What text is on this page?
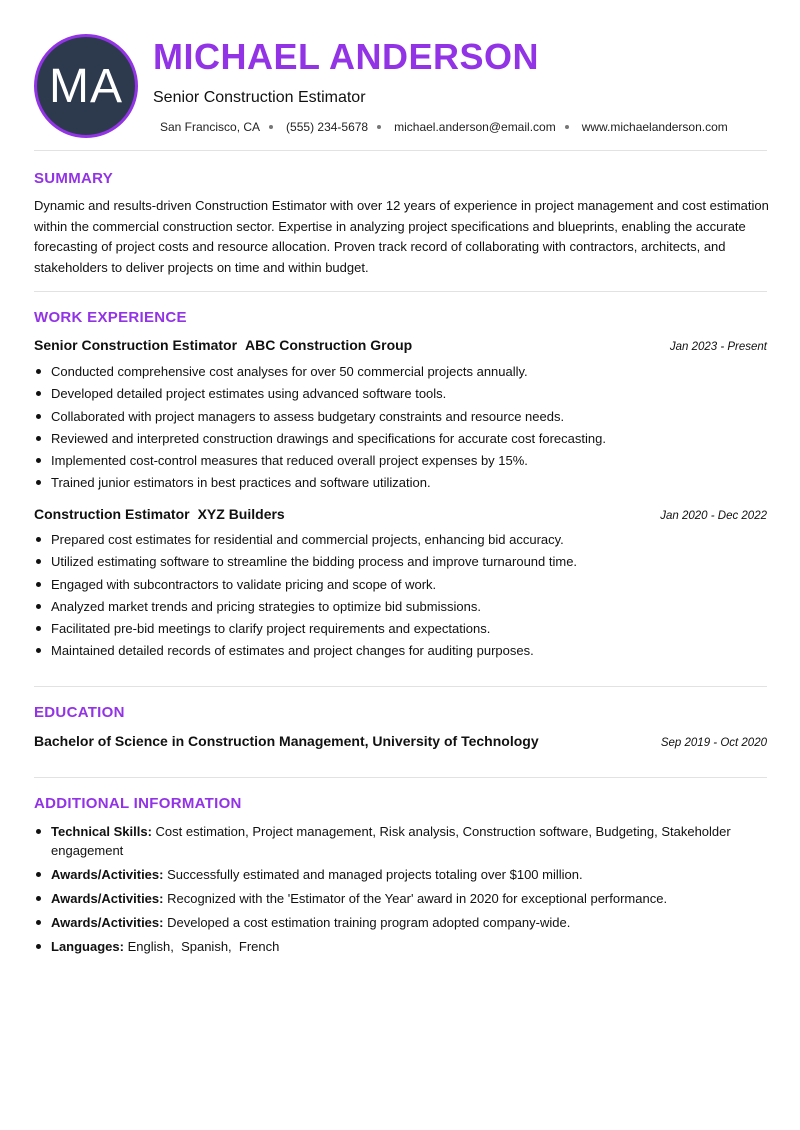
MA
MICHAEL ANDERSON
Senior Construction Estimator
San Francisco, CA (555) 234-5678 michael.anderson@email.com www.michaelanderson.com
SUMMARY

Dynamic and results-driven Construction Estimator with over 12 years of experience in project management and cost estimation within the commercial construction sector. Expertise in analyzing project specifications and blueprints, enabling the accurate forecasting of project costs and resource allocation. Proven track record of collaborating with contractors, architects, and stakeholders to deliver projects on time and within budget.

WORK EXPERIENCE
Senior Construction Estimator ABC Construction Group	Jan 2023 - Present
Conducted comprehensive cost analyses for over 50 commercial projects annually.
Developed detailed project estimates using advanced software tools.
Collaborated with project managers to assess budgetary constraints and resource needs.
Reviewed and interpreted construction drawings and specifications for accurate cost forecasting.
Implemented cost-control measures that reduced overall project expenses by 15%.
Trained junior estimators in best practices and software utilization.
Construction Estimator XYZ Builders	Jan 2020 - Dec 2022
Prepared cost estimates for residential and commercial projects, enhancing bid accuracy.
Utilized estimating software to streamline the bidding process and improve turnaround time.
Engaged with subcontractors to validate pricing and scope of work.
Analyzed market trends and pricing strategies to optimize bid submissions.
Facilitated pre-bid meetings to clarify project requirements and expectations.
Maintained detailed records of estimates and project changes for auditing purposes.
EDUCATION
Bachelor of Science in Construction Management, University of Technology	Sep 2019 - Oct 2020
ADDITIONAL INFORMATION
Technical Skills: Cost estimation, Project management, Risk analysis, Construction software, Budgeting, Stakeholder engagement
Awards/Activities: Successfully estimated and managed projects totaling over $100 million.
Awards/Activities: Recognized with the 'Estimator of the Year' award in 2020 for exceptional performance.
Awards/Activities: Developed a cost estimation training program adopted company-wide.
Languages: English,  Spanish,  French
